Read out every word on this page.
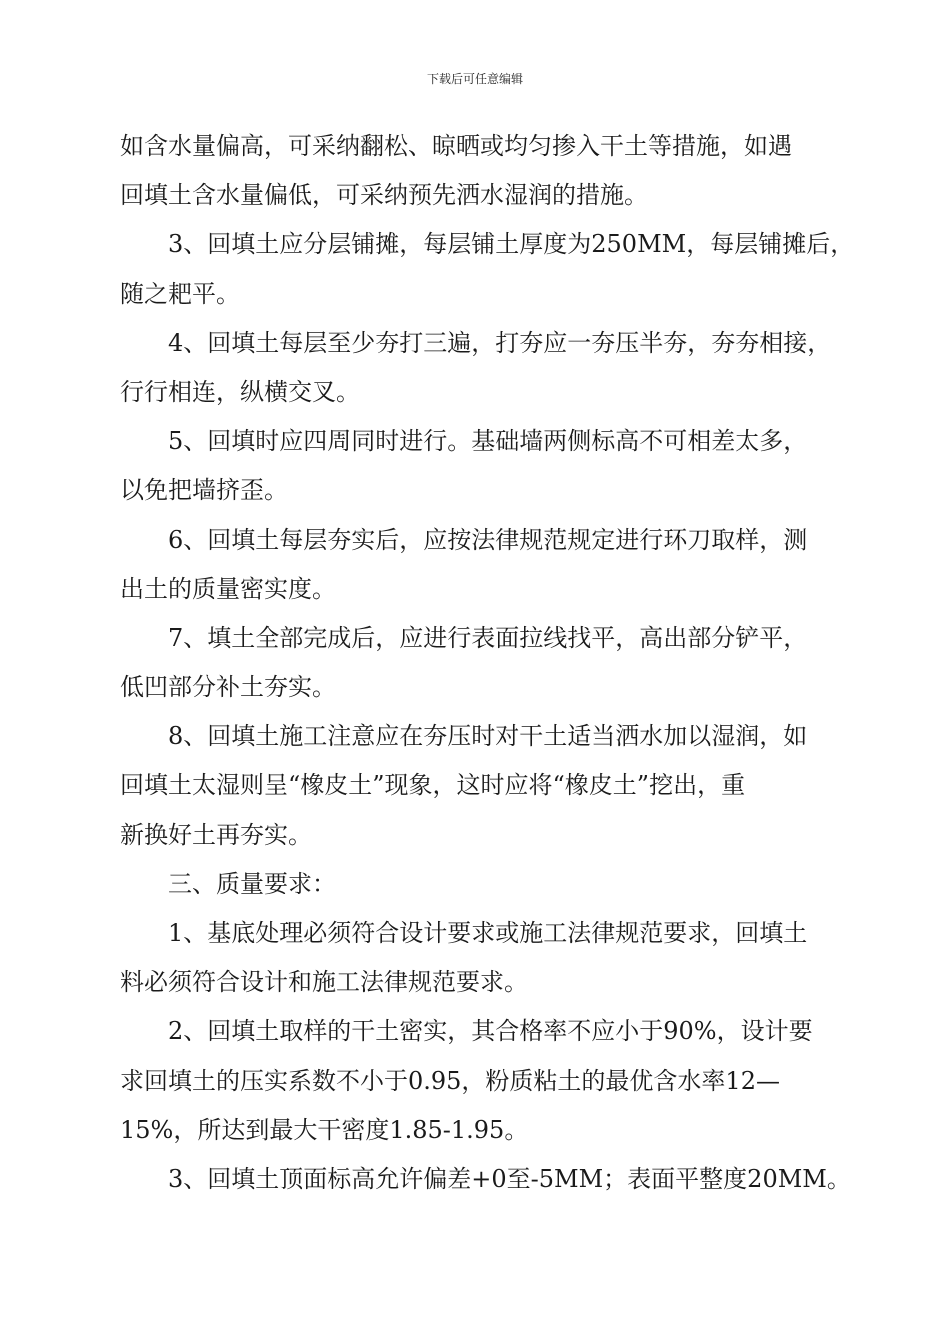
下载后可任意编辑
如含水量偏高，可采纳翻松、晾晒或均匀掺入干土等措施，如遇
回填土含水量偏低，可采纳预先洒水湿润的措施。
3、回填土应分层铺摊，每层铺土厚度为250MM，每层铺摊后，
随之耙平。
4、回填土每层至少夯打三遍，打夯应一夯压半夯，夯夯相接，
行行相连，纵横交叉。
5、回填时应四周同时进行。基础墙两侧标高不可相差太多，
以免把墙挤歪。
6、回填土每层夯实后，应按法律规范规定进行环刀取样，测
出土的质量密实度。
7、填土全部完成后，应进行表面拉线找平，高出部分铲平，
低凹部分补土夯实。
8、回填土施工注意应在夯压时对干土适当洒水加以湿润，如
回填土太湿则呈“橡皮土”现象，这时应将“橡皮土”挖出，重
新换好土再夯实。
三、质量要求：
1、基底处理必须符合设计要求或施工法律规范要求，回填土
料必须符合设计和施工法律规范要求。
2、回填土取样的干土密实，其合格率不应小于90%，设计要
求回填土的压实系数不小于0.95，粉质粘土的最优含水率12—
15%，所达到最大干密度1.85-1.95。
3、回填土顶面标高允许偏差+0至-5MM；表面平整度20MM。
